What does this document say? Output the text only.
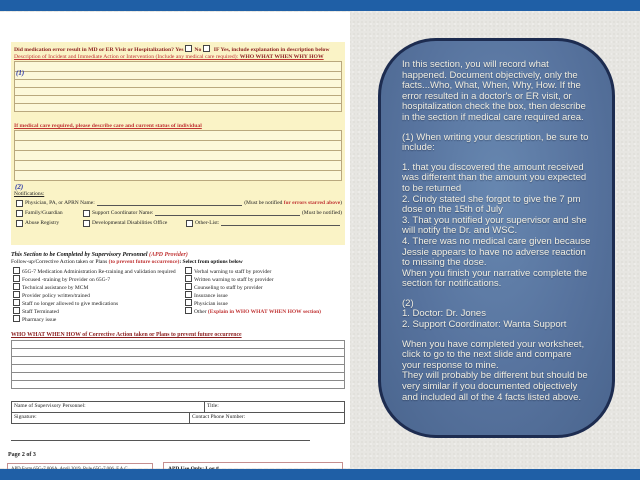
Did medication error result in MD or ER Visit or Hospitalization? Yes No IF Yes, include explanation in description below
Description of Incident and Immediate Action or Intervention (Include any medical care required): WHO WHAT WHEN WHY HOW
(1)
If medical care required, please describe care and current status of individual
(2)
Notifications:
Physician, PA, or APRN Name:	(Must be notified for errors starred above)
Family/Guardian	Support Coordinator Name:	(Must be notified)
Abuse Registry	Developmental Disabilities Office	Other-List:
This Section to be Completed by Supervisory Personnel (APD Provider)
Follow-up/Corrective Action taken or Plans (to prevent future occurrence): Select from options below
65G-7 Medication Administration Re-training and validation required
Focused -training by Provider on 65G-7
Technical assistance by MCM
Provider policy written/trained
Staff no longer allowed to give medications
Staff Terminated
Pharmacy issue
Verbal warning to staff by provider
Written warning to staff by provider
Counseling to staff by provider
Insurance issue
Physician issue
Other (Explain in WHO WHAT WHEN HOW section)
WHO WHAT WHEN HOW of Corrective Action taken or Plans to prevent future occurrence
Name of Supervisory Personnel:	Title:
Signature:	Contact Phone Number:
Page 2 of 3

In this section, you will record what happened. Document objectively, only the facts...Who, What, When, Why, How. If the error resulted in a doctor's or ER visit, or hospitalization check the box, then describe in the section if medical care required area.

(1) When writing your description, be sure to include:

1. that you discovered the amount received was different than the amount you expected to be returned

2. Cindy stated she forgot to give the 7 pm dose on the 15th of July

3. That you notified your supervisor and she will notify the Dr. and WSC.

4. There was no medical care given because Jessie appears to have no adverse reaction to missing the dose.

When you finish your narrative complete the section for notifications.

(2)

1. Doctor: Dr. Jones

2. Support Coordinator: Wanta Support

When you have completed your worksheet, click to go to the next slide and compare your response to mine.

They will probably be different but should be very similar if you documented objectively and included all of the 4 facts listed above.
